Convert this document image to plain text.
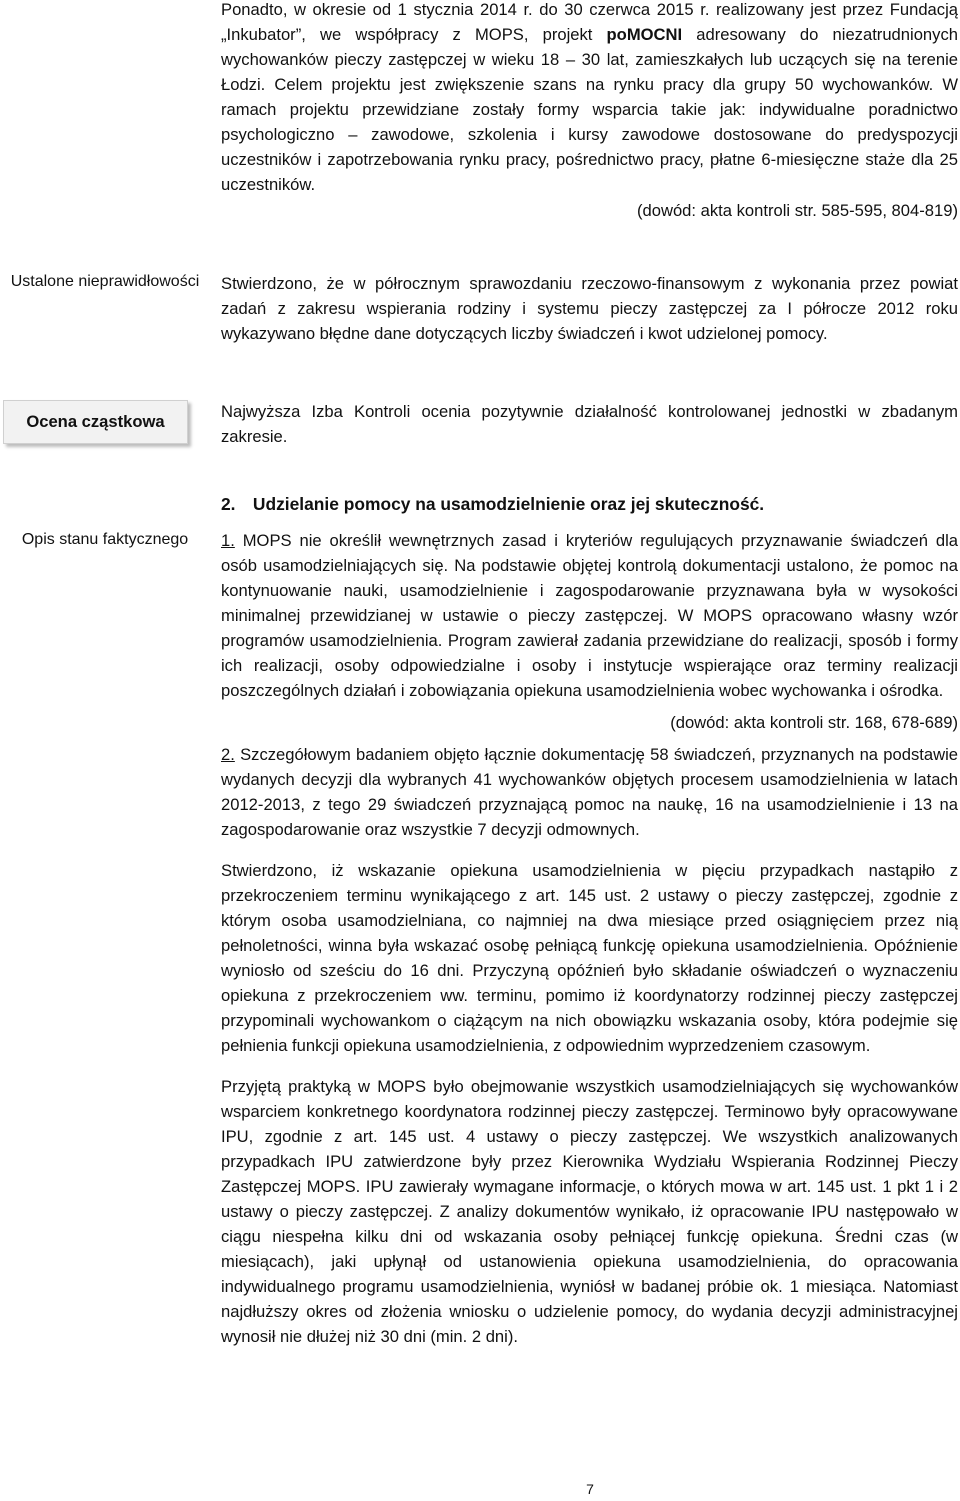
Ponadto, w okresie od 1 stycznia 2014 r. do 30 czerwca 2015 r. realizowany jest przez Fundacją „Inkubator”, we współpracy z MOPS, projekt poMOCNI adresowany do niezatrudnionych wychowanków pieczy zastępczej w wieku 18 – 30 lat, zamieszkałych lub uczących się na terenie Łodzi. Celem projektu jest zwiększenie szans na rynku pracy dla grupy 50 wychowanków. W ramach projektu przewidziane zostały formy wsparcia takie jak: indywidualne poradnictwo psychologiczno – zawodowe, szkolenia i kursy zawodowe dostosowane do predyspozycji uczestników i zapotrzebowania rynku pracy, pośrednictwo pracy, płatne 6-miesięczne staże dla 25 uczestników.

(dowód: akta kontroli str. 585-595, 804-819)

Ustalone nieprawidłowości	Stwierdzono, że w półrocznym sprawozdaniu rzeczowo-finansowym z wykonania przez powiat zadań z zakresu wspierania rodziny i systemu pieczy zastępczej za I półrocze 2012 roku wykazywano błędne dane dotyczących liczby świadczeń i kwot udzielonej pomocy.

Ocena cząstkowa

Najwyższa Izba Kontroli ocenia pozytywnie działalność kontrolowanej jednostki w zbadanym zakresie.

2. Udzielanie pomocy na usamodzielnienie oraz jej skuteczność.

Opis stanu faktycznego	1. MOPS nie określił wewnętrznych zasad i kryteriów regulujących przyznawanie świadczeń dla osób usamodzielniających się. Na podstawie objętej kontrolą dokumentacji ustalono, że pomoc na kontynuowanie nauki, usamodzielnienie i zagospodarowanie przyznawana była w wysokości minimalnej przewidzianej w ustawie o pieczy zastępczej. W MOPS opracowano własny wzór programów usamodzielnienia. Program zawierał zadania przewidziane do realizacji, sposób i formy ich realizacji, osoby odpowiedzialne i osoby i instytucje wspierające oraz terminy realizacji poszczególnych działań i zobowiązania opiekuna usamodzielnienia wobec wychowanka i ośrodka.

(dowód: akta kontroli str. 168, 678-689)

2. Szczegółowym badaniem objęto łącznie dokumentację 58 świadczeń, przyznanych na podstawie wydanych decyzji dla wybranych 41 wychowanków objętych procesem usamodzielnienia w latach 2012-2013, z tego 29 świadczeń przyznającą pomoc na naukę, 16 na usamodzielnienie i 13 na zagospodarowanie oraz wszystkie 7 decyzji odmownych.

Stwierdzono, iż wskazanie opiekuna usamodzielnienia w pięciu przypadkach nastąpiło z przekroczeniem terminu wynikającego z art. 145 ust. 2 ustawy o pieczy zastępczej, zgodnie z którym osoba usamodzielniana, co najmniej na dwa miesiące przed osiągnięciem przez nią pełnoletności, winna była wskazać osobę pełniącą funkcję opiekuna usamodzielnienia. Opóźnienie wyniosło od sześciu do 16 dni. Przyczyną opóźnień było składanie oświadczeń o wyznaczeniu opiekuna z przekroczeniem ww. terminu, pomimo iż koordynatorzy rodzinnej pieczy zastępczej przypominali wychowankom o ciążącym na nich obowiązku wskazania osoby, która podejmie się pełnienia funkcji opiekuna usamodzielnienia, z odpowiednim wyprzedzeniem czasowym.

Przyjętą praktyką w MOPS było obejmowanie wszystkich usamodzielniających się wychowanków wsparciem konkretnego koordynatora rodzinnej pieczy zastępczej. Terminowo były opracowywane IPU, zgodnie z art. 145 ust. 4 ustawy o pieczy zastępczej. We wszystkich analizowanych przypadkach IPU zatwierdzone były przez Kierownika Wydziału Wspierania Rodzinnej Pieczy Zastępczej MOPS. IPU zawierały wymagane informacje, o których mowa w art. 145 ust. 1 pkt 1 i 2 ustawy o pieczy zastępczej. Z analizy dokumentów wynikało, iż opracowanie IPU następowało w ciągu niespełna kilku dni od wskazania osoby pełniącej funkcję opiekuna. Średni czas (w miesiącach), jaki upłynął od ustanowienia opiekuna usamodzielnienia, do opracowania indywidualnego programu usamodzielnienia, wyniósł w badanej próbie ok. 1 miesiąca. Natomiast najdłuższy okres od złożenia wniosku o udzielenie pomocy, do wydania decyzji administracyjnej wynosił nie dłużej niż 30 dni (min. 2 dni).

7
